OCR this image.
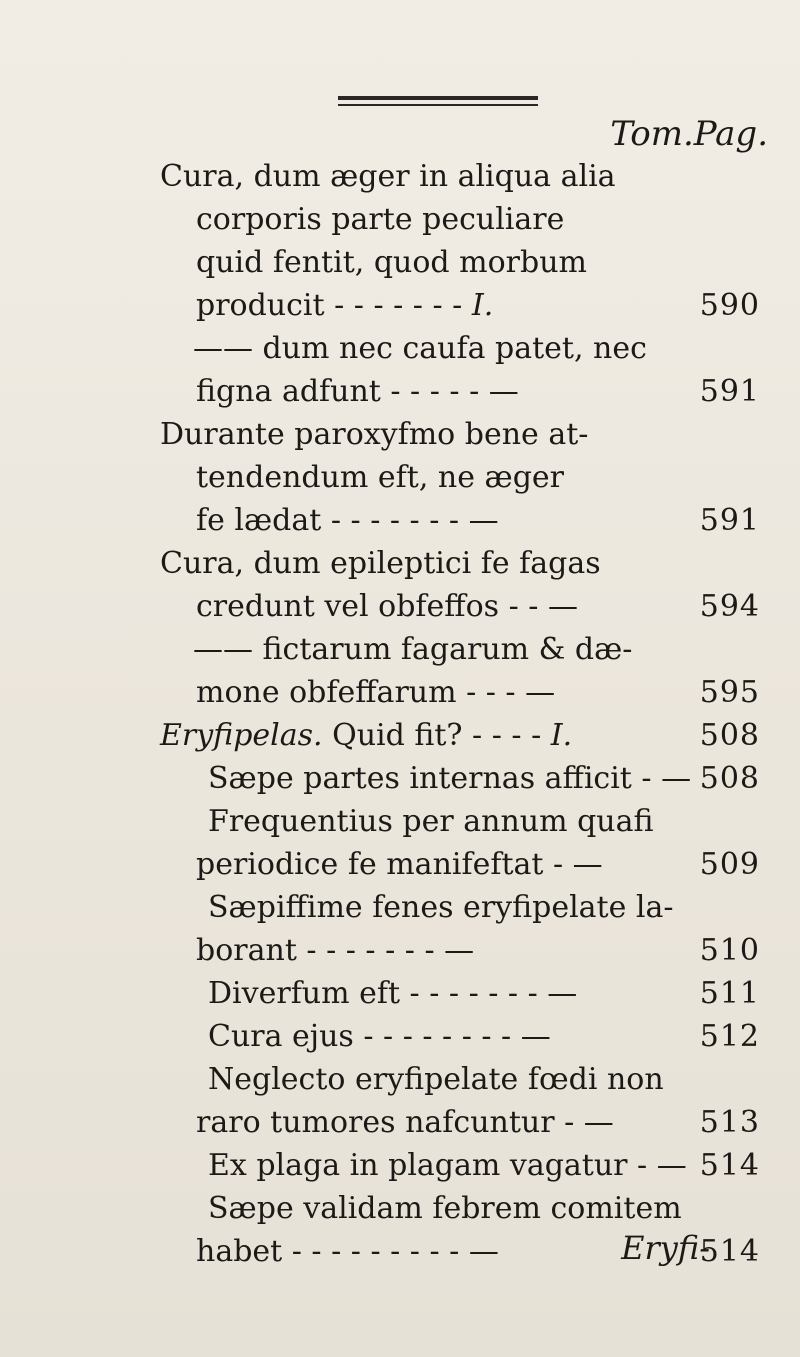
Tom.Pag.
Cura, dum æger in aliqua alia
corporis parte peculiare
quid fentit, quod morbum
producit - - - - - - - I.	590
—— dum nec caufa patet, nec
figna adfunt - - - - - —	591
Durante paroxyfmo bene at-
tendendum eft, ne æger
fe lædat - - - - - - - —	591
Cura, dum epileptici fe fagas
credunt vel obfeffos - - —	594
—— fictarum fagarum & dæ-
mone obfeffarum - - - —	595
Eryfipelas. Quid fit? - - - - I.	508
Sæpe partes internas afficit - — 508
Frequentius per annum quafi
periodice fe manifeftat - —	509
Sæpiffime fenes eryfipelate la-
borant - - - - - - - —	510
Diverfum eft - - - - - - - —	511
Cura ejus - - - - - - - - —	512
Neglecto eryfipelate fœdi non
raro tumores nafcuntur - —	513
Ex plaga in plagam vagatur - — 514
Sæpe validam febrem comitem
habet - - - - - - - - - —	514
Eryfi-
